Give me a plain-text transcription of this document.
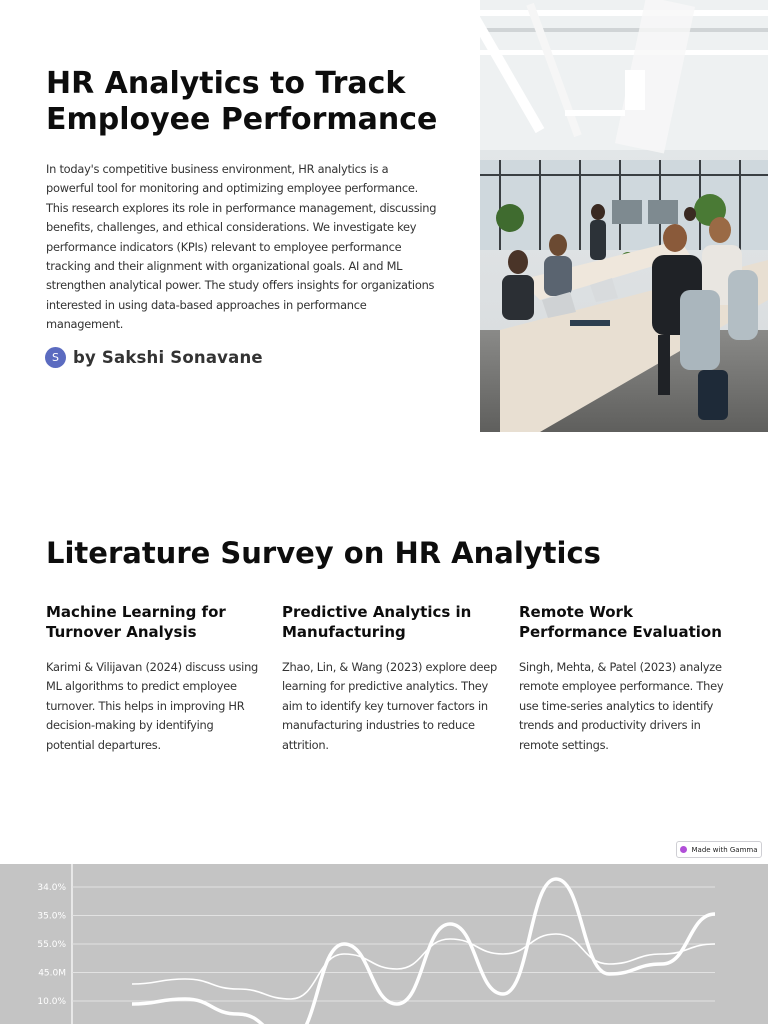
HR Analytics to Track Employee Performance

In today's competitive business environment, HR analytics is a powerful tool for monitoring and optimizing employee performance. This research explores its role in performance management, discussing benefits, challenges, and ethical considerations. We investigate key performance indicators (KPIs) relevant to employee performance tracking and their alignment with organizational goals. AI and ML strengthen analytical power. The study offers insights for organizations interested in using data-based approaches in performance management.

S by Sakshi Sonavane
Literature Survey on HR Analytics
Machine Learning for Turnover Analysis

Karimi & Vilijavan (2024) discuss using ML algorithms to predict employee turnover. This helps in improving HR decision-making by identifying potential departures.

Predictive Analytics in Manufacturing

Zhao, Lin, & Wang (2023) explore deep learning for predictive analytics. They aim to identify key turnover factors in manufacturing industries to reduce attrition.

Remote Work Performance Evaluation

Singh, Mehta, & Patel (2023) analyze remote employee performance. They use time-series analytics to identify trends and productivity drivers in remote settings.

Made with Gamma
34.0%
35.0%
55.0%
45.0M
10.0%
